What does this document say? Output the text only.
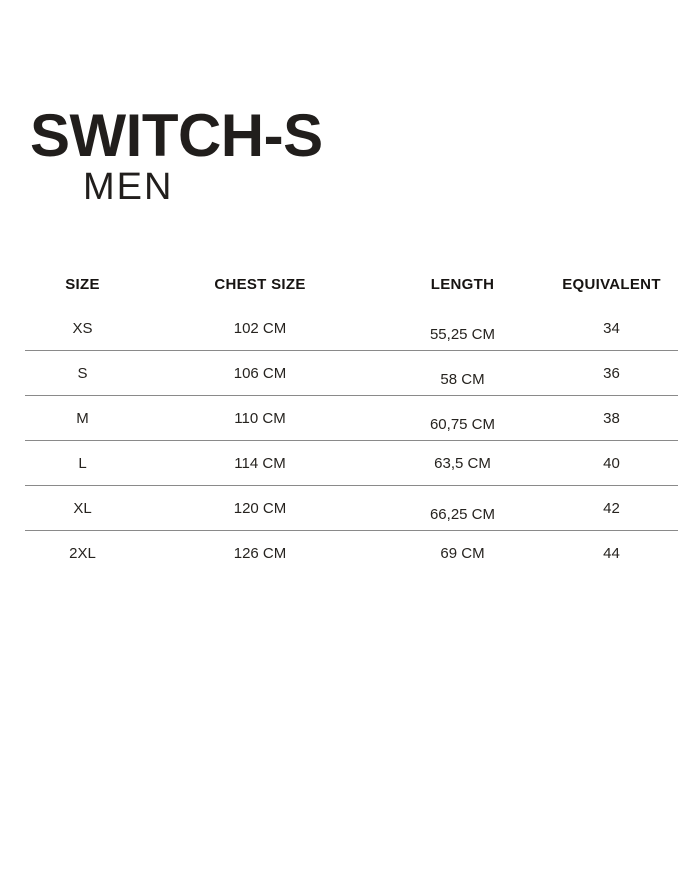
SWITCH-S
MEN
SIZE	CHEST SIZE	LENGTH	EQUIVALENT
XS	102 CM	55,25 CM	34
S	106 CM	58 CM	36
M	110 CM	60,75 CM	38
L	114 CM	63,5 CM	40
XL	120 CM	66,25 CM	42
2XL	126 CM	69 CM	44
